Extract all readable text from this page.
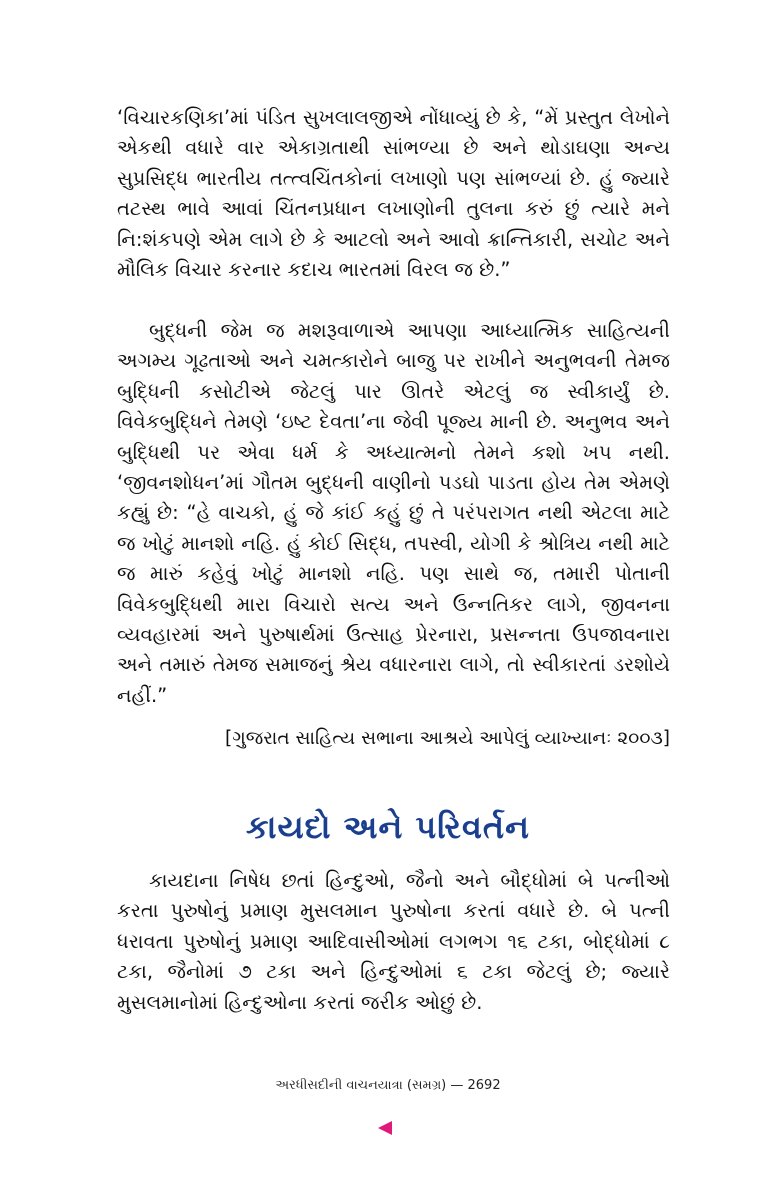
‘વિચારકણિકા’માં પંડિત સુખલાલજીએ નોંધાવ્યું છે કે, “મેં પ્રસ્તુત લેખોને એકથી વધારે વાર એકાગ્રતાથી સાંભળ્યા છે અને થોડાઘણા અન્ય સુપ્રસિદ્ધ ભારતીય તત્ત્વચિંતકોનાં લખાણો પણ સાંભળ્યાં છે. હું જ્યારે તટસ્થ ભાવે આવાં ચિંતનપ્રધાન લખાણોની તુલના કરું છું ત્યારે મને નિ:શંકપણે એમ લાગે છે કે આટલો અને આવો ક્રાન્તિકારી, સચોટ અને મૌલિક વિચાર કરનાર કદાચ ભારતમાં વિરલ જ છે.”

બુદ્ધની જેમ જ મશરૂવાળાએ આપણા આધ્યાત્મિક સાહિત્યની અગમ્ય ગૂઢતાઓ અને ચમત્કારોને બાજુ પર રાખીને અનુભવની તેમજ બુદ્ધિની કસોટીએ જેટલું પાર ઊતરે એટલું જ સ્વીકાર્યું છે. વિવેકબુદ્ધિને તેમણે ‘ઇષ્ટ દેવતા’ના જેવી પૂજ્ય માની છે. અનુભવ અને બુદ્ધિથી પર એવા ધર્મ કે અધ્યાત્મનો તેમને કશો ખપ નથી. ‘જીવનશોધન’માં ગૌતમ બુદ્ધની વાણીનો પડઘો પાડતા હોય તેમ એમણે કહ્યું છે: “હે વાચકો, હું જે કાંઈ કહું છું તે પરંપરાગત નથી એટલા માટે જ ખોટું માનશો નહિ. હું કોઈ સિદ્ધ, તપસ્વી, યોગી કે શ્રોત્રિય નથી માટે જ મારું કહેવું ખોટું માનશો નહિ. પણ સાથે જ, તમારી પોતાની વિવેકબુદ્ધિથી મારા વિચારો સત્ય અને ઉન્નતિકર લાગે, જીવનના વ્યવહારમાં અને પુરુષાર્થમાં ઉત્સાહ પ્રેરનારા, પ્રસન્નતા ઉપજાવનારા અને તમારું તેમજ સમાજનું શ્રેય વધારનારા લાગે, તો સ્વીકારતાં ડરશોયે નહીં.”

[ગુજરાત સાહિત્ય સભાના આશ્રયે આપેલું વ્યાખ્યાનઃ ૨૦૦૩]

કાયદો અને પરિવર્તન

કાયદાના નિષેધ છતાં હિન્દુઓ, જૈનો અને બૌદ્ધોમાં બે પત્નીઓ કરતા પુરુષોનું પ્રમાણ મુસલમાન પુરુષોના કરતાં વધારે છે. બે પત્ની ધરાવતા પુરુષોનું પ્રમાણ આદિવાસીઓમાં લગભગ ૧૬ ટકા, બોદ્ધોમાં ૮ ટકા, જૈનોમાં ૭ ટકા અને હિન્દુઓમાં ૬ ટકા જેટલું છે; જ્યારે મુસલમાનોમાં હિન્દુઓના કરતાં જરીક ઓછું છે.

અરધીસદીની વાચનયાત્રા (સમગ્ર) — 2692
